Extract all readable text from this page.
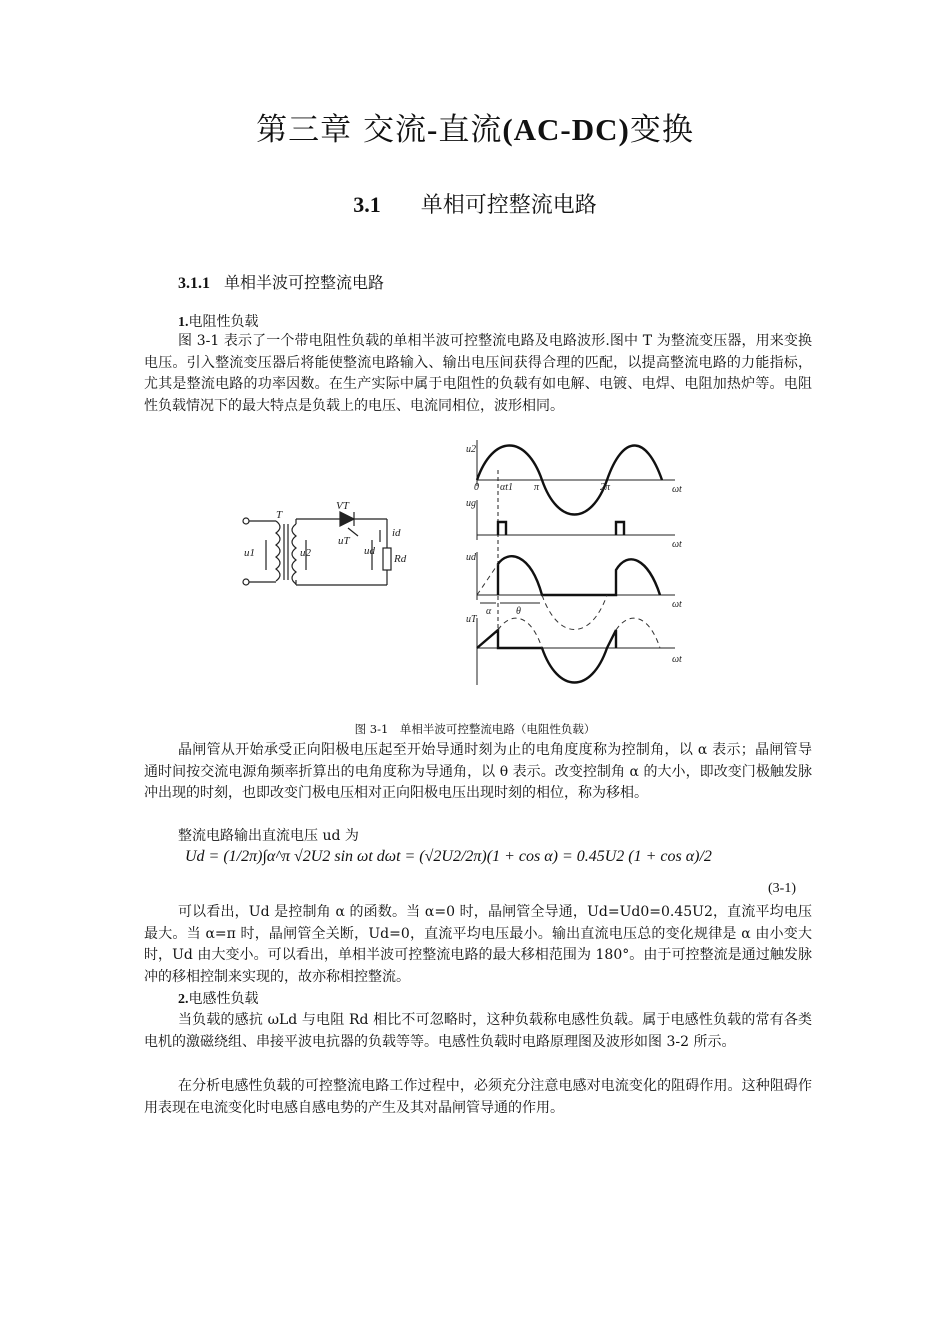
第三章 交流-直流(AC-DC)变换
3.1 单相可控整流电路
3.1.1 单相半波可控整流电路
1.电阻性负载
图 3-1 表示了一个带电阻性负载的单相半波可控整流电路及电路波形.图中 T 为整流变压器，用来变换电压。引入整流变压器后将能使整流电路输入、输出电压间获得合理的匹配，以提高整流电路的力能指标，尤其是整流电路的功率因数。在生产实际中属于电阻性的负载有如电解、电镀、电焊、电阻加热炉等。电阻性负载情况下的最大特点是负载上的电压、电流同相位，波形相同。
T
VT
uT
u1	u2	ud
id
Rd
u2
ug
ud
uT
0 αt1 π	2π	ωt
ωt
ωt
ωt
α θ
图 3-1　单相半波可控整流电路（电阻性负载）
晶闸管从开始承受正向阳极电压起至开始导通时刻为止的电角度度称为控制角，以 α 表示；晶闸管导通时间按交流电源角频率折算出的电角度称为导通角，以 θ 表示。改变控制角 α 的大小，即改变门极触发脉冲出现的时刻，也即改变门极电压相对正向阳极电压出现时刻的相位，称为移相。
整流电路输出直流电压 ud 为
Ud = (1/2π)∫α^π √2U2 sin ωt dωt = (√2U2/2π)(1 + cos α) = 0.45U2 (1 + cos α)/2
(3-1)
可以看出，Ud 是控制角 α 的函数。当 α=0 时，晶闸管全导通，Ud=Ud0=0.45U2，直流平均电压最大。当 α=π 时，晶闸管全关断，Ud=0，直流平均电压最小。输出直流电压总的变化规律是 α 由小变大时，Ud 由大变小。可以看出，单相半波可控整流电路的最大移相范围为 180°。由于可控整流是通过触发脉冲的移相控制来实现的，故亦称相控整流。
2.电感性负载
当负载的感抗 ωLd 与电阻 Rd 相比不可忽略时，这种负载称电感性负载。属于电感性负载的常有各类电机的激磁绕组、串接平波电抗器的负载等等。电感性负载时电路原理图及波形如图 3-2 所示。
在分析电感性负载的可控整流电路工作过程中，必须充分注意电感对电流变化的阻碍作用。这种阻碍作用表现在电流变化时电感自感电势的产生及其对晶闸管导通的作用。
